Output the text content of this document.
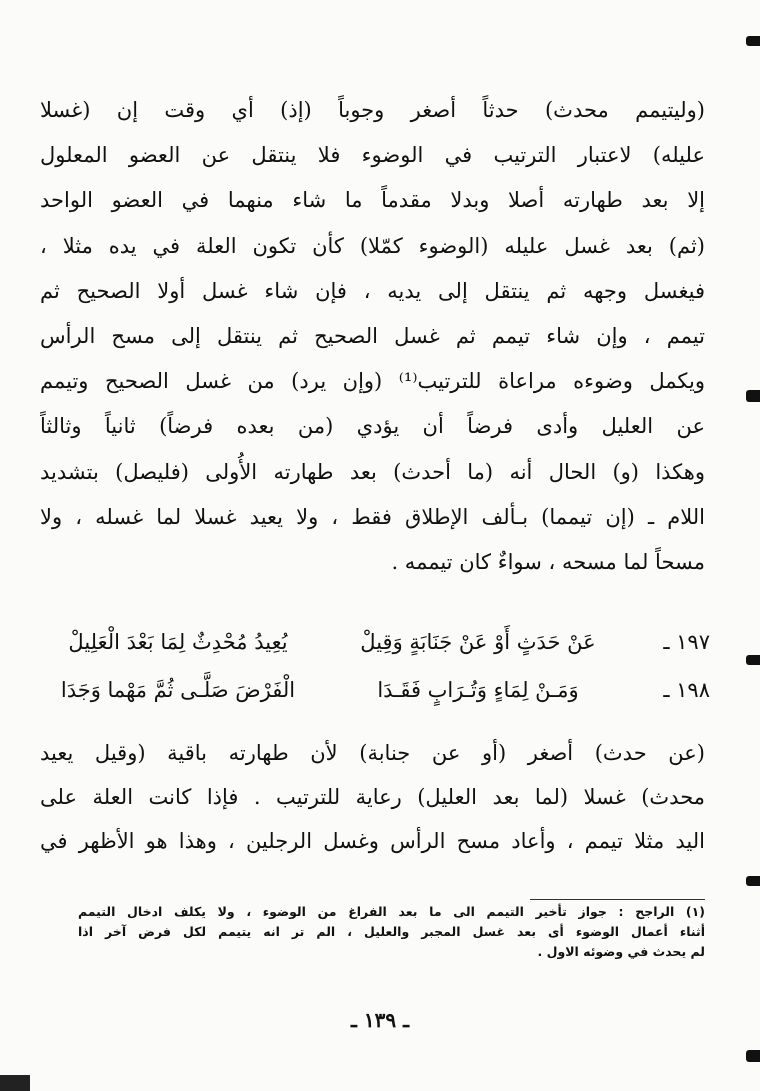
(وليتيمم محدث) حدثاً أصغر وجوباً (إذ) أي وقت إن (غسلا
عليله) لاعتبار الترتيب في الوضوء فلا ينتقل عن العضو المعلول
إلا بعد طهارته أصلا وبدلا مقدماً ما شاء منهما في العضو الواحد
(ثم) بعد غسل عليله (الوضوء كمّلا) كأن تكون العلة في يده مثلا ،
فيغسل وجهه ثم ينتقل إلى يديه ، فإن شاء غسل أولا الصحيح ثم
تيمم ، وإن شاء تيمم ثم غسل الصحيح ثم ينتقل إلى مسح الرأس
ويكمل وضوءه مراعاة للترتيب⁽¹⁾ (وإن يرد) من غسل الصحيح وتيمم
عن العليل وأدى فرضاً أن يؤدي (من بعده فرضاً) ثانياً وثالثاً
وهكذا (و) الحال أنه (ما أحدث) بعد طهارته الأُولى (فليصل) بتشديد
اللام ـ (إن تيمما) بـألف الإطلاق فقط ، ولا يعيد غسلا لما غسله ، ولا
مسحاً لما مسحه ، سواءٌ كان تيممه .
١٩٧ ـ
عَنْ حَدَثٍ أَوْ عَنْ جَنَابَةٍ وَقِيلْ
يُعِيدُ مُحْدِثٌ لِمَا بَعْدَ الْعَلِيلْ
١٩٨ ـ
وَمَـنْ لِمَاءٍ وَتُـرَابٍ فَقَـدَا
الْفَرْضَ صَلَّـى ثُمَّ مَهْما وَجَدَا
(عن حدث) أصغر (أو عن جنابة) لأن طهارته باقية (وقيل يعيد
محدث) غسلا (لما بعد العليل) رعاية للترتيب . فإذا كانت العلة على
اليد مثلا تيمم ، وأعاد مسح الرأس وغسل الرجلين ، وهذا هو الأظهر في
(١) الراجح : جواز تأخير التيمم الى ما بعد الفراغ من الوضوء ، ولا يكلف ادخال التيمم
أثناء أعمال الوضوء أى بعد غسل المجبر والعليل ، الم تر انه يتيمم لكل فرض آخر اذا
لم يحدث في وضوئه الاول .
ـ ١٣٩ ـ
